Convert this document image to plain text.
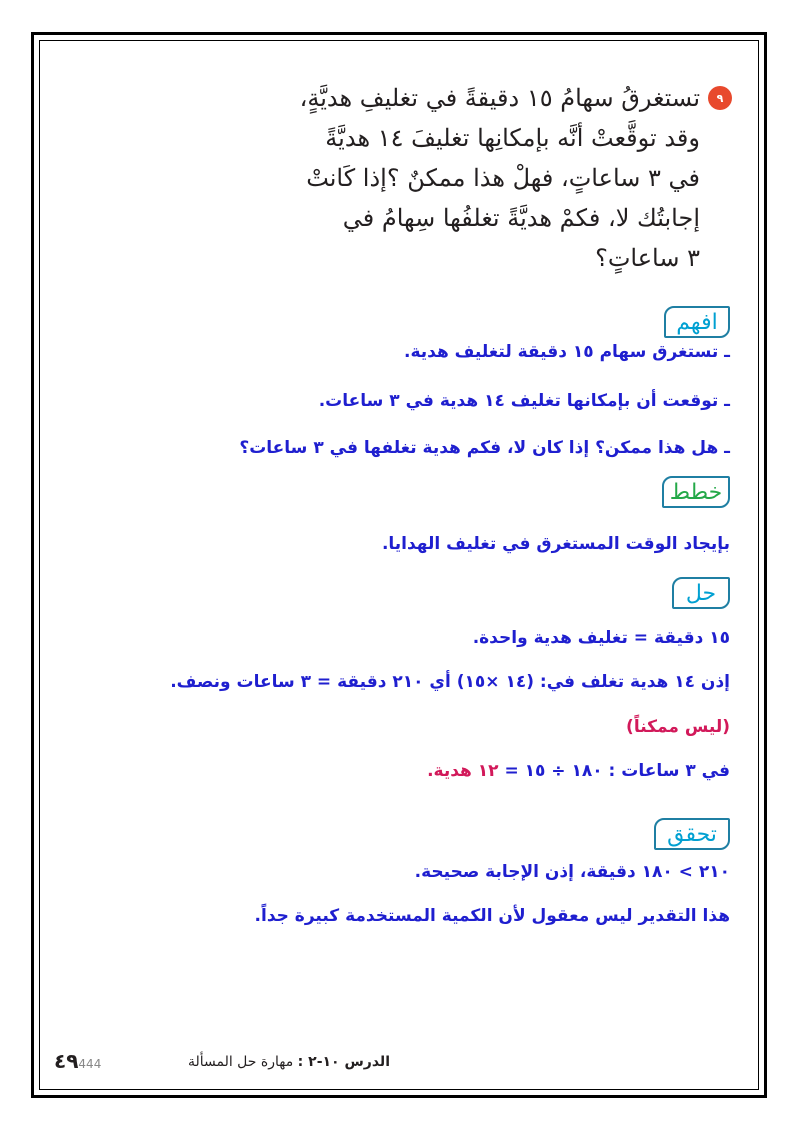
٩
تستغرقُ سهامُ ١٥ دقيقةً في تغليفِ هديَّةٍ،
وقد توقَّعتْ أنَّه بإمكانِها تغليفَ ١٤ هديَّةً
في ٣ ساعاتٍ، فهلْ هذا ممكنٌ ؟إذا كَانتْ
إجابتُك لا، فكمْ هديَّةً تغلفُها سِهامُ في
٣ ساعاتٍ؟
افهم
ـ تستغرق سهام ١٥ دقيقة لتغليف هدية.
ـ توقعت أن بإمكانها تغليف ١٤ هدية في ٣ ساعات.
ـ هل هذا ممكن؟ إذا كان لا، فكم هدية تغلفها في ٣ ساعات؟
خطط
بإيجاد الوقت المستغرق في تغليف الهدايا.
حل
١٥ دقيقة = تغليف هدية واحدة.
إذن ١٤ هدية تغلف في: (١٤ ×١٥) أي ٢١٠ دقيقة = ٣ ساعات ونصف.
(ليس ممكناً)
في ٣ ساعات : ١٨٠ ÷ ١٥ = ١٢ هدية.
تحقق
٢١٠ > ١٨٠ دقيقة، إذن الإجابة صحيحة.
هذا التقدير ليس معقول لأن الكمية المستخدمة كبيرة جداً.
الدرس ١٠-٢ : مهارة حل المسألة
٤٩444
